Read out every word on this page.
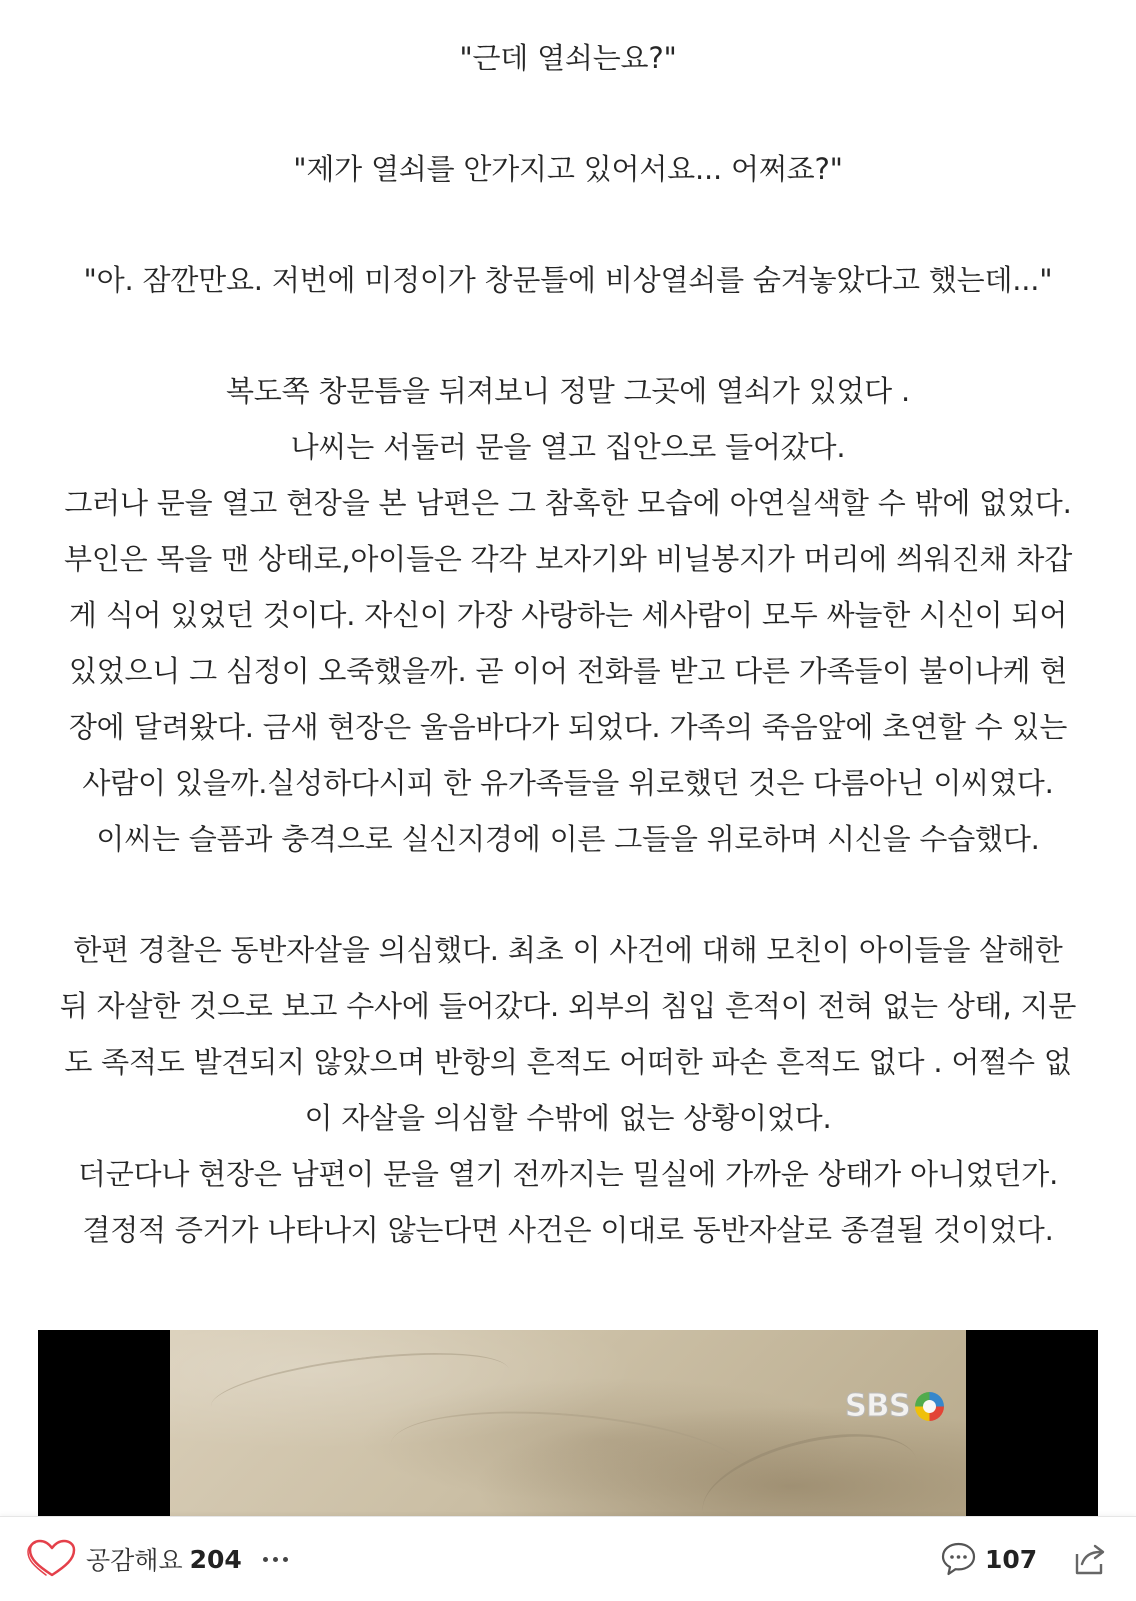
"근데 열쇠는요?"
"제가 열쇠를 안가지고 있어서요... 어쩌죠?"
"아. 잠깐만요. 저번에 미정이가 창문틀에 비상열쇠를 숨겨놓았다고 했는데..."
복도쪽 창문틈을 뒤져보니 정말 그곳에 열쇠가 있었다 .
나씨는 서둘러 문을 열고 집안으로 들어갔다.
그러나 문을 열고 현장을 본 남편은 그 참혹한 모습에 아연실색할 수 밖에 없었다.
부인은 목을 맨 상태로,아이들은 각각 보자기와 비닐봉지가 머리에 씌워진채 차갑
게 식어 있었던 것이다. 자신이 가장 사랑하는 세사람이 모두 싸늘한 시신이 되어
있었으니 그 심정이 오죽했을까. 곧 이어 전화를 받고 다른 가족들이 불이나케 현
장에 달려왔다. 금새 현장은 울음바다가 되었다. 가족의 죽음앞에 초연할 수 있는
사람이 있을까.실성하다시피 한 유가족들을 위로했던 것은 다름아닌 이씨였다.
이씨는 슬픔과 충격으로 실신지경에 이른 그들을 위로하며 시신을 수습했다.
한편 경찰은 동반자살을 의심했다. 최초 이 사건에 대해 모친이 아이들을 살해한
뒤 자살한 것으로 보고 수사에 들어갔다. 외부의 침입 흔적이 전혀 없는 상태, 지문
도 족적도 발견되지 않았으며 반항의 흔적도 어떠한 파손 흔적도 없다 . 어쩔수 없
이 자살을 의심할 수밖에 없는 상황이었다.
더군다나 현장은 남편이 문을 열기 전까지는 밀실에 가까운 상태가 아니었던가.
결정적 증거가 나타나지 않는다면 사건은 이대로 동반자살로 종결될 것이었다.
SBS
공감해요 204	107
